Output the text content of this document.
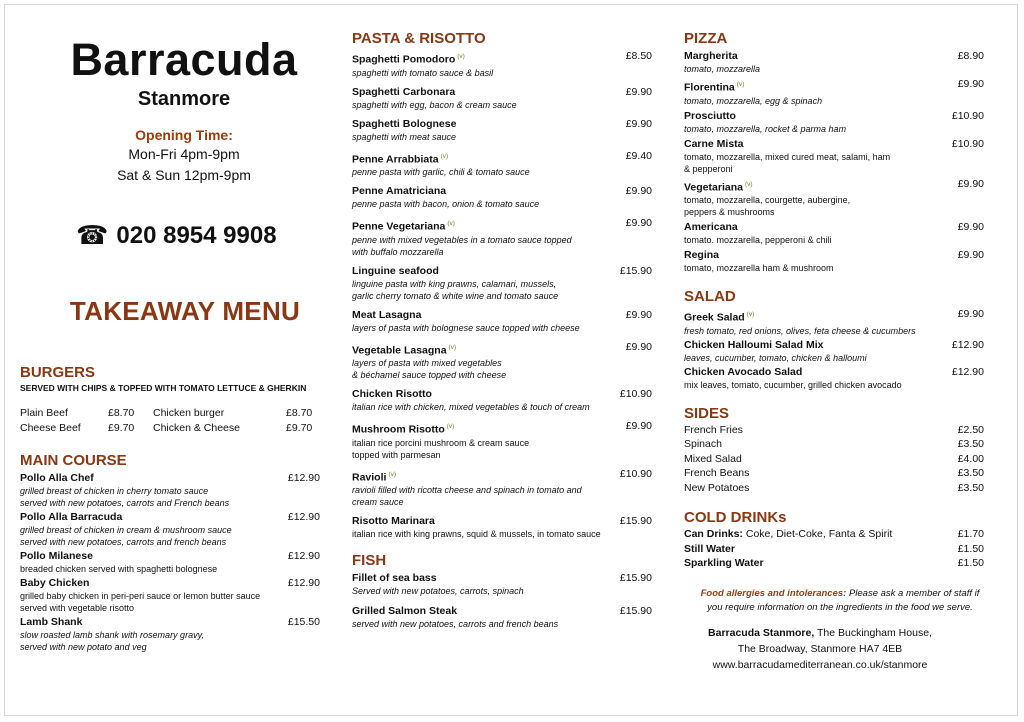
Barracuda
Stanmore
Opening Time:
Mon-Fri 4pm-9pm
Sat & Sun 12pm-9pm
☎ 020 8954 9908
TAKEAWAY MENU
BURGERS
SERVED WITH CHIPS & TOPFED WITH TOMATO LETTUCE & GHERKIN
Plain Beef	£8.70 Chicken burger	£8.70
Cheese Beef	£9.70 Chicken & Cheese	£9.70
MAIN COURSE
Pollo Alla Chef	£12.90
grilled breast of chicken in cherry tomato sauce
served with new potatoes, carrots and French beans
Pollo Alla Barracuda	£12.90
grilled breast of chicken in cream & mushroom sauce
served with new potatoes, carrots and french beans
Pollo Milanese	£12.90
breaded chicken served with spaghetti bolognese
Baby Chicken	£12.90
grilled baby chicken in peri-peri sauce or lemon butter sauce
served with vegetable risotto
Lamb Shank	£15.50
slow roasted lamb shank with rosemary gravy,
served with new potato and veg
PASTA & RISOTTO
Spaghetti Pomodoro $^{(v)}$	£8.50
spaghetti with tomato sauce & basil
Spaghetti Carbonara	£9.90
spaghetti with egg, bacon & cream sauce
Spaghetti Bolognese	£9.90
spaghetti with meat sauce
Penne Arrabbiata $^{(v)}$	£9.40
penne pasta with garlic, chili & tomato sauce
Penne Amatriciana	£9.90
penne pasta with bacon, onion & tomato sauce
Penne Vegetariana $^{(v)}$	£9.90
penne with mixed vegetables in a tomato sauce topped
with buffalo mozzarella
Linguine seafood	£15.90
linguine pasta with king prawns, calamari, mussels,
garlic cherry tomato & white wine and tomato sauce
Meat Lasagna	£9.90
layers of pasta with bolognese sauce topped with cheese
Vegetable Lasagna $^{(v)}$	£9.90
layers of pasta with mixed vegetables
& béchamel sauce topped with cheese
Chicken Risotto	£10.90
italian rice with chicken, mixed vegetables & touch of cream
Mushroom Risotto $^{(v)}$	£9.90
italian rice porcini mushroom & cream sauce
topped with parmesan
Ravioli $^{(v)}$	£10.90
ravioli filled with ricotta cheese and spinach in tomato and
cream sauce
Risotto Marinara	£15.90
italian rice with king prawns, squid & mussels, in tomato sauce
FISH
Fillet of sea bass	£15.90
Served with new potatoes, carrots, spinach
Grilled Salmon Steak	£15.90
served with new potatoes, carrots and french beans
PIZZA
Margherita	£8.90
tomato, mozzarella
Florentina $^{(v)}$	£9.90
tomato, mozzarella, egg & spinach
Prosciutto	£10.90
tomato, mozzarella, rocket & parma ham
Carne Mista	£10.90
tomato, mozzarella, mixed cured meat, salami, ham
& pepperoni
Vegetariana $^{(v)}$	£9.90
tomato, mozzarella, courgette, aubergine,
peppers & mushrooms
Americana	£9.90
tomato. mozzarella, pepperoni & chili
Regina	£9.90
tomato, mozzarella ham & mushroom
SALAD
Greek Salad $^{(v)}$	£9.90
fresh tomato, red onions, olives, feta cheese & cucumbers
Chicken Halloumi Salad Mix	£12.90
leaves, cucumber, tomato, chicken & halloumi
Chicken Avocado Salad	£12.90
mix leaves, tomato, cucumber, grilled chicken avocado
SIDES
French Fries	£2.50
Spinach	£3.50
Mixed Salad	£4.00
French Beans	£3.50
New Potatoes	£3.50
COLD DRINKs
Can Drinks: Coke, Diet-Coke, Fanta & Spirit	£1.70
Still Water	£1.50
Sparkling Water	£1.50
Food allergies and intolerances: Please ask a member of staff if
you require information on the ingredients in the food we serve.
Barracuda Stanmore, The Buckingham House,
The Broadway, Stanmore HA7 4EB
www.barracudamediterranean.co.uk/stanmore
